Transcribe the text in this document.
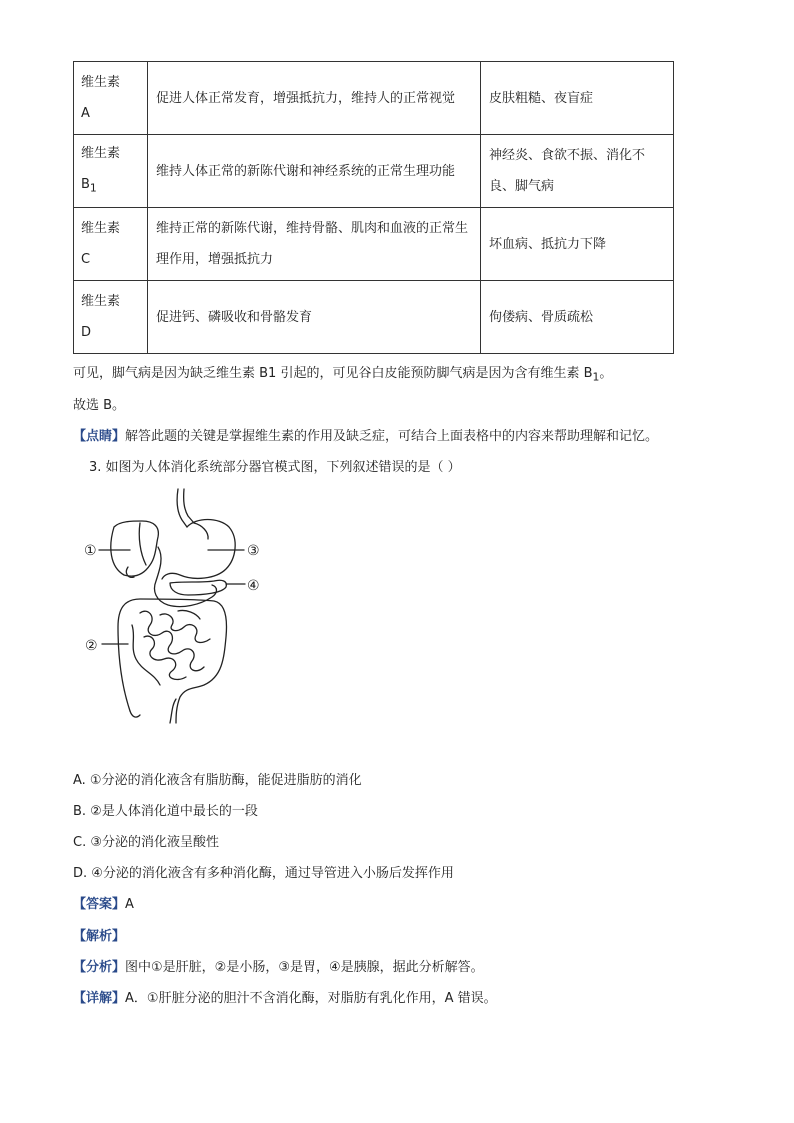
维生素
A	促进人体正常发育，增强抵抗力，维持人的正常视觉	皮肤粗糙、夜盲症
维生素
$B_1$	维持人体正常的新陈代谢和神经系统的正常生理功能	神经炎、食欲不振、消化不良、脚气病
维生素
C	维持正常的新陈代谢，维持骨骼、肌肉和血液的正常生理作用，增强抵抗力	坏血病、抵抗力下降
维生素
D	促进钙、磷吸收和骨骼发育	佝偻病、骨质疏松
可见，脚气病是因为缺乏维生素 B1 引起的，可见谷白皮能预防脚气病是因为含有维生素 $B_1$。
故选 B。
【点睛】解答此题的关键是掌握维生素的作用及缺乏症，可结合上面表格中的内容来帮助理解和记忆。
3. 如图为人体消化系统部分器官模式图，下列叙述错误的是（ ）
①
②
③
④
A. ①分泌的消化液含有脂肪酶，能促进脂肪的消化
B. ②是人体消化道中最长的一段
C. ③分泌的消化液呈酸性
D. ④分泌的消化液含有多种消化酶，通过导管进入小肠后发挥作用
【答案】A
【解析】
【分析】图中①是肝脏，②是小肠，③是胃，④是胰腺，据此分析解答。
【详解】A．①肝脏分泌的胆汁不含消化酶，对脂肪有乳化作用，A 错误。
